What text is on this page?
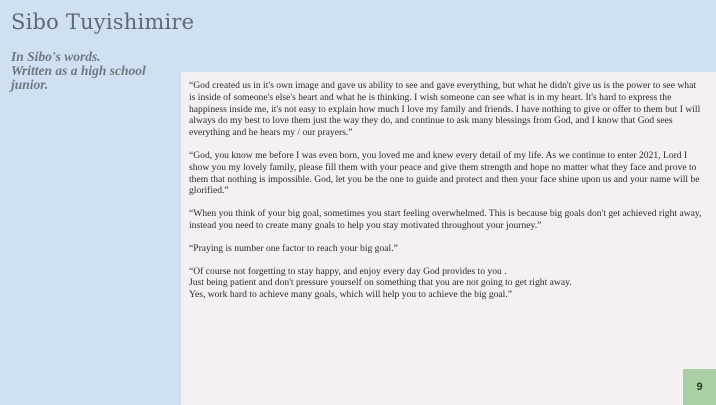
Sibo Tuyishimire
In Sibo's words.
Written as a high school
junior.	“God created us in it's own image and gave us ability to see and gave everything, but what he didn't give us is the power to see what is inside of someone's else's heart and what he is thinking. I wish someone can see what is in my heart. It's hard to express the happiness inside me, it's not easy to explain how much I love my family and friends. I have nothing to give or offer to them but I will always do my best to love them just the way they do, and continue to ask many blessings from God, and I know that God sees everything and he hears my / our prayers.”

“God, you know me before I was even born, you loved me and knew every detail of my life. As we continue to enter 2021, Lord I show you my lovely family, please fill them with your peace and give them strength and hope no matter what they face and prove to them that nothing is impossible. God, let you be the one to guide and protect and then your face shine upon us and your name will be glorified.”

“When you think of your big goal, sometimes you start feeling overwhelmed. This is because big goals don't get achieved right away, instead you need to create many goals to help you stay motivated throughout your journey.”

“Praying is number one factor to reach your big goal.”

“Of course not forgetting to stay happy, and enjoy every day God provides to you .
Just being patient and don't pressure yourself on something that you are not going to get right away.
Yes, work hard to achieve many goals, which will help you to achieve the big goal.”

9
